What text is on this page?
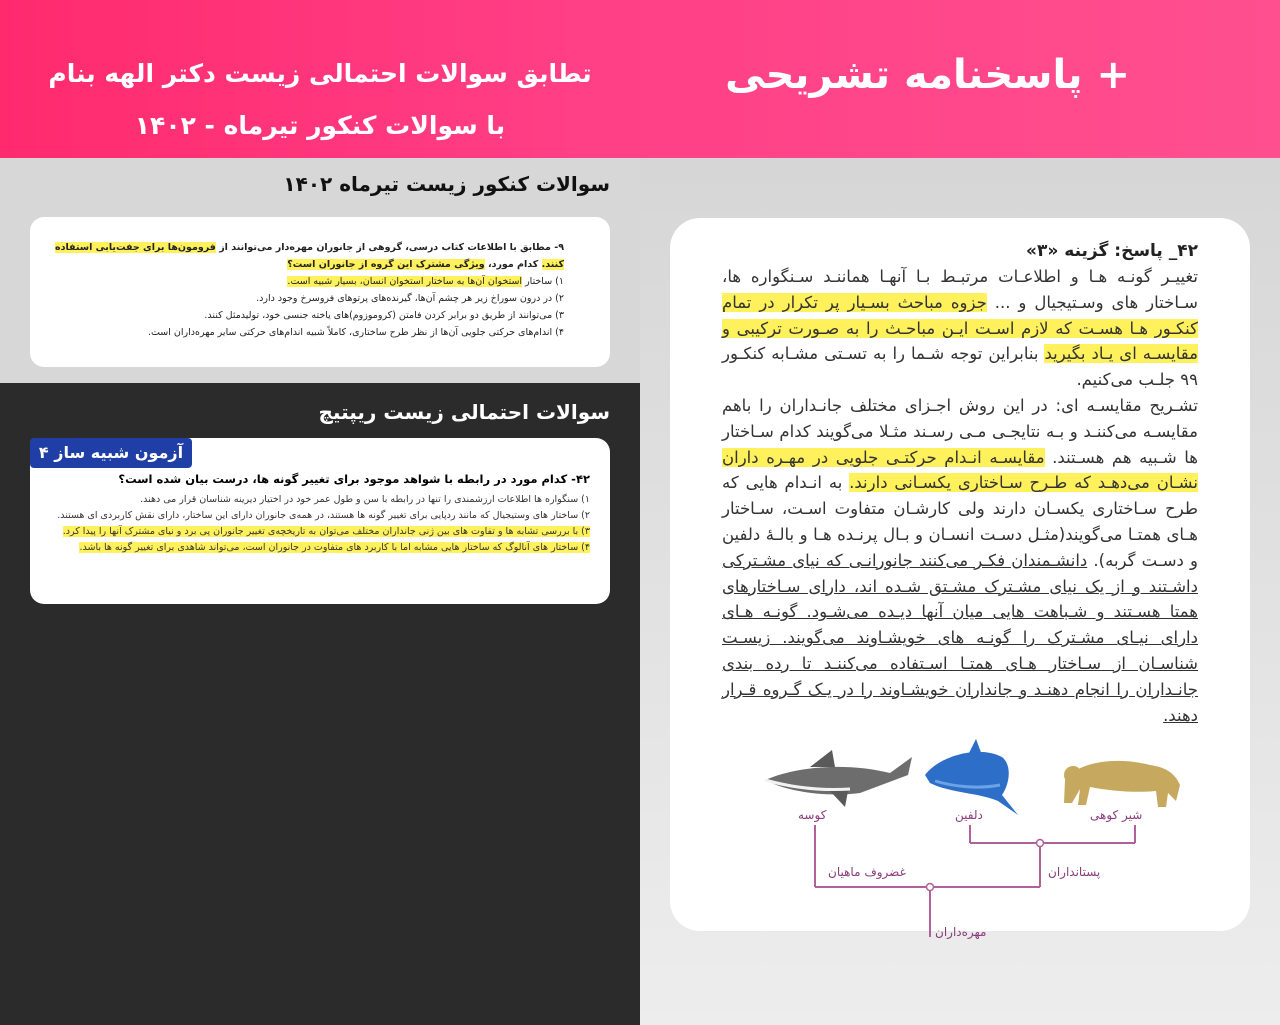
+ پاسخنامه تشریحی
تطابق سوالات احتمالی زیست دکتر الهه بنام
با سوالات کنکور تیرماه - ۱۴۰۲
سوالات کنکور زیست تیرماه ۱۴۰۲
۹- مطابق با اطلاعات کتاب درسی، گروهی از جانوران مهره‌دار می‌توانند از فرومون‌ها برای جفت‌یابی استفاده کنند. کدام مورد، ویژگی مشترک این گروه از جانوران است؟
۱) ساختار استخوان آن‌ها به ساختار استخوان انسان، بسیار شبیه است.
۲) در درون سوراخ زیر هر چشم آن‌ها، گیرنده‌های پرتوهای فروسرخ وجود دارد.
۳) می‌توانند از طریق دو برابر کردن فامتن (کروموزوم)های یاخته جنسی خود، تولیدمثل کنند.
۴) اندام‌های حرکتی جلویی آن‌ها از نظر طرح ساختاری، کاملاً شبیه اندام‌های حرکتی سایر مهره‌داران است.
سوالات احتمالی زیست ریپتیچ
۴۲- کدام مورد در رابطه با شواهد موجود برای تغییر گونه ها، درست بیان شده است؟
۱) سنگواره ها اطلاعات ارزشمندی را تنها در رابطه با سن و طول عمر خود در اختیار دیرینه شناسان قرار می دهند.
۲) ساختار های وستیجیال که مانند ردپایی برای تغییر گونه ها هستند، در همه‌ی جانوران دارای این ساختار، دارای نقش کاربردی ای هستند.
۳) با بررسی تشابه ها و تفاوت های بین ژنی جانداران مختلف می‌توان به تاریخچه‌ی تغییر جانوران پی برد و نیای مشترک آنها را پیدا کرد.
۴) ساختار های آنالوگ که ساختار هایی مشابه اما با کاربرد های متفاوت در جانوران است، می‌تواند شاهدی برای تغییر گونه ها باشد.
آزمون شبیه ساز ۴
۴۲_ پاسخ: گزینه «۳»
تغییـر گونـه هـا و اطلاعـات مرتبـط بـا آنهـا هماننـد سـنگواره ها، سـاختار های وسـتیجیال و ... جزوه مباحث بسـیار پر تکرار در تمام کنکـور هـا هسـت که لازم اسـت ایـن مباحـث را به صـورت ترکیبی و مقایسـه ای یـاد بگیرید بنابراین توجه شـما را به تسـتی مشـابه کنکـور ۹۹ جلـب می‌کنیم.
تشـریح مقایسـه ای: در این روش اجـزای مختلف جانـداران را باهم مقایسـه می‌کننـد و بـه نتایجـی مـی رسـند مثـلا می‌گویند کدام سـاختار ها شـبیه هم هسـتند. مقایسـه انـدام حرکتـی جلویی در مهـره داران نشـان می‌دهـد که طـرح سـاختاری یکسـانی دارند. به انـدام هایی که طرح سـاختاری یکسـان دارند ولی کارشـان متفاوت اسـت، سـاختار هـای همتـا می‌گویند(مثـل دسـت انسـان و بـال پرنـده هـا و بالـهٔ دلفین و دسـت گربه). دانشـمندان فکـر می‌کنند جانورانـی که نیای مشـترکی داشـتند و از یک نیای مشـترک مشـتق شـده اند، دارای سـاختارهای همتا هسـتند و شـباهت هایی میان آنها دیـده می‌شـود. گونـه هـای دارای نیـای مشـترک را گونـه های خویشـاوند می‌گویند. زیسـت شناسـان از سـاختار هـای همتـا اسـتفاده می‌کننـد تا رده بندی جانـداران را انجام دهنـد و جانداران خویشـاوند را در یـک گـروه قـرار دهند.
کوسه	دلفین	شیر کوهی
غضروف ماهیان	پستانداران
مهره‌داران
